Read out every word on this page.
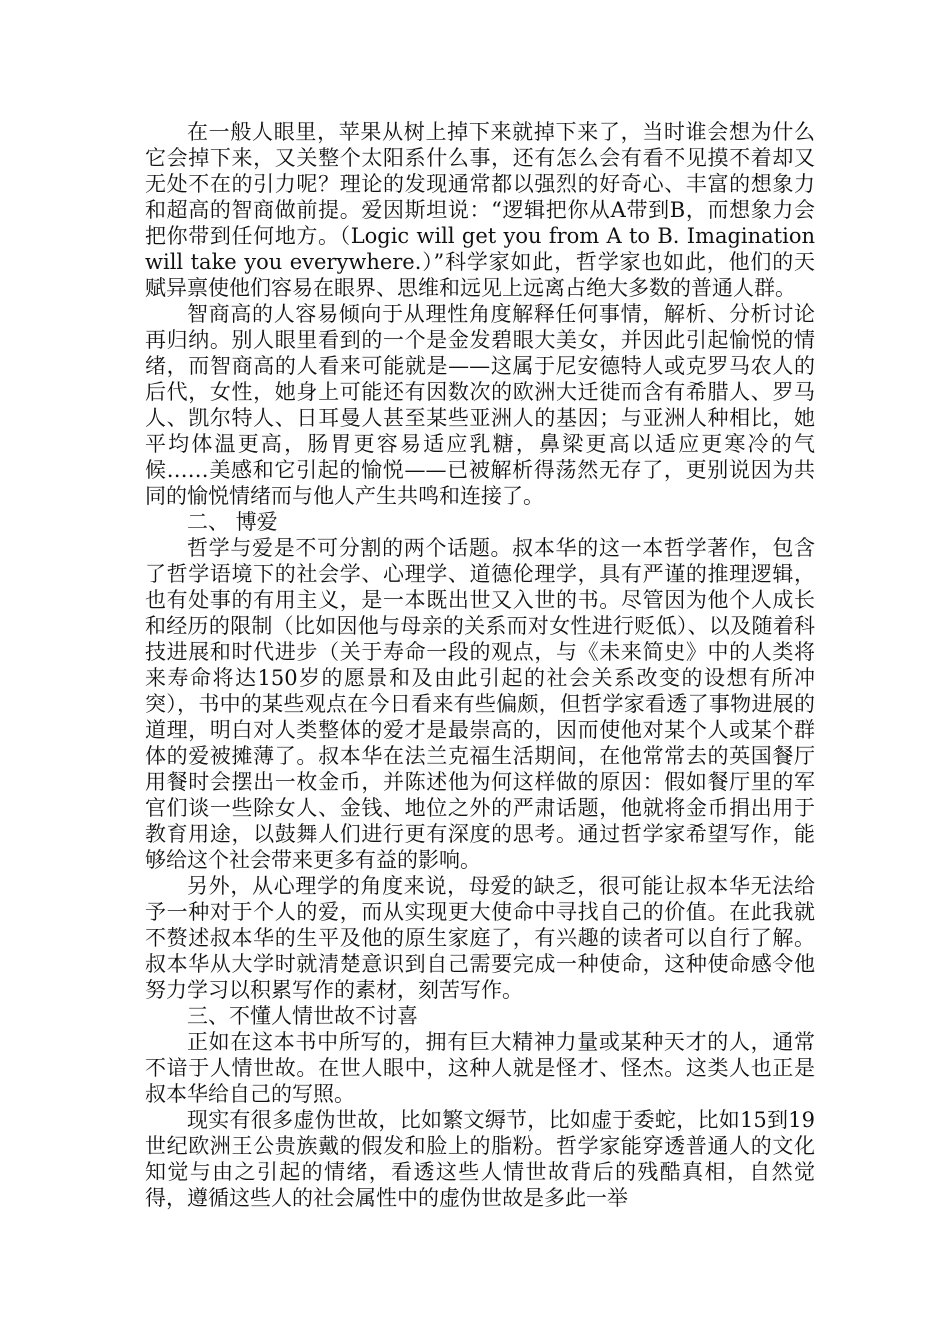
在一般人眼里，苹果从树上掉下来就掉下来了，当时谁会想为什么它会掉下来，又关整个太阳系什么事，还有怎么会有看不见摸不着却又无处不在的引力呢？理论的发现通常都以强烈的好奇心、丰富的想象力和超高的智商做前提。爱因斯坦说：“逻辑把你从A带到B，而想象力会把你带到任何地方。（Logic will get you from A to B. Imagination will take you everywhere.）”科学家如此，哲学家也如此，他们的天赋异禀使他们容易在眼界、思维和远见上远离占绝大多数的普通人群。

智商高的人容易倾向于从理性角度解释任何事情，解析、分析讨论再归纳。别人眼里看到的一个是金发碧眼大美女，并因此引起愉悦的情绪，而智商高的人看来可能就是——这属于尼安德特人或克罗马农人的后代，女性，她身上可能还有因数次的欧洲大迁徙而含有希腊人、罗马人、凯尔特人、日耳曼人甚至某些亚洲人的基因；与亚洲人种相比，她平均体温更高，肠胃更容易适应乳糖，鼻梁更高以适应更寒冷的气候……美感和它引起的愉悦——已被解析得荡然无存了，更别说因为共同的愉悦情绪而与他人产生共鸣和连接了。

二、 博爱

哲学与爱是不可分割的两个话题。叔本华的这一本哲学著作，包含了哲学语境下的社会学、心理学、道德伦理学，具有严谨的推理逻辑，也有处事的有用主义，是一本既出世又入世的书。尽管因为他个人成长和经历的限制（比如因他与母亲的关系而对女性进行贬低）、以及随着科技进展和时代进步（关于寿命一段的观点，与《未来简史》中的人类将来寿命将达150岁的愿景和及由此引起的社会关系改变的设想有所冲突），书中的某些观点在今日看来有些偏颇，但哲学家看透了事物进展的道理，明白对人类整体的爱才是最崇高的，因而使他对某个人或某个群体的爱被摊薄了。叔本华在法兰克福生活期间，在他常常去的英国餐厅用餐时会摆出一枚金币，并陈述他为何这样做的原因：假如餐厅里的军官们谈一些除女人、金钱、地位之外的严肃话题，他就将金币捐出用于教育用途，以鼓舞人们进行更有深度的思考。通过哲学家希望写作，能够给这个社会带来更多有益的影响。

另外，从心理学的角度来说，母爱的缺乏，很可能让叔本华无法给予一种对于个人的爱，而从实现更大使命中寻找自己的价值。在此我就不赘述叔本华的生平及他的原生家庭了，有兴趣的读者可以自行了解。叔本华从大学时就清楚意识到自己需要完成一种使命，这种使命感令他努力学习以积累写作的素材，刻苦写作。

三、不懂人情世故不讨喜

正如在这本书中所写的，拥有巨大精神力量或某种天才的人，通常不谙于人情世故。在世人眼中，这种人就是怪才、怪杰。这类人也正是叔本华给自己的写照。

现实有很多虚伪世故，比如繁文缛节，比如虚于委蛇，比如15到19世纪欧洲王公贵族戴的假发和脸上的脂粉。哲学家能穿透普通人的文化知觉与由之引起的情绪，看透这些人情世故背后的残酷真相，自然觉得，遵循这些人的社会属性中的虚伪世故是多此一举
